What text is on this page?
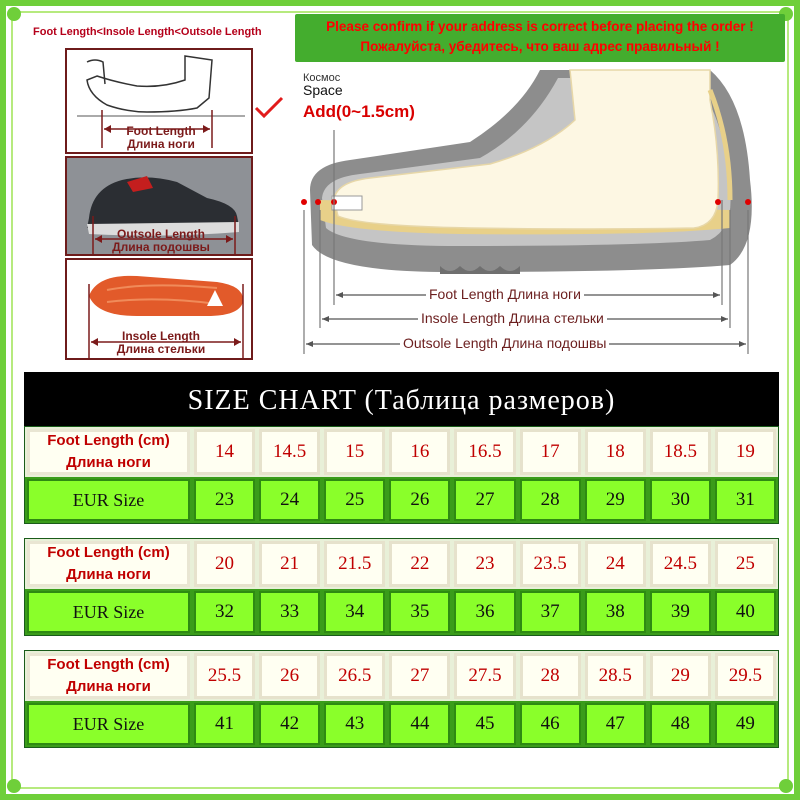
Foot Length<Insole Length<Outsole Length	Please confirm if your address is correct before placing the order !
Пожалуйста, убедитесь, что ваш адрес правильный !
Foot Length
Длина ноги
Outsole Length
Длина подошвы
Insole Length
Длина стельки
Космос
Space
Add(0~1.5cm)
Foot Length Длина ноги
Insole Length Длина стельки
Outsole Length Длина подошвы
SIZE CHART (Таблица размеров)
Foot Length (cm)
Длина ноги
14	14.5	15	16	16.5	17	18	18.5	19
EUR Size	23	24	25	26	27	28	29	30	31
Foot Length (cm)
Длина ноги
20	21	21.5	22	23	23.5	24	24.5	25
EUR Size	32	33	34	35	36	37	38	39	40
Foot Length (cm)
Длина ноги
25.5	26	26.5	27	27.5	28	28.5	29	29.5
EUR Size	41	42	43	44	45	46	47	48	49
